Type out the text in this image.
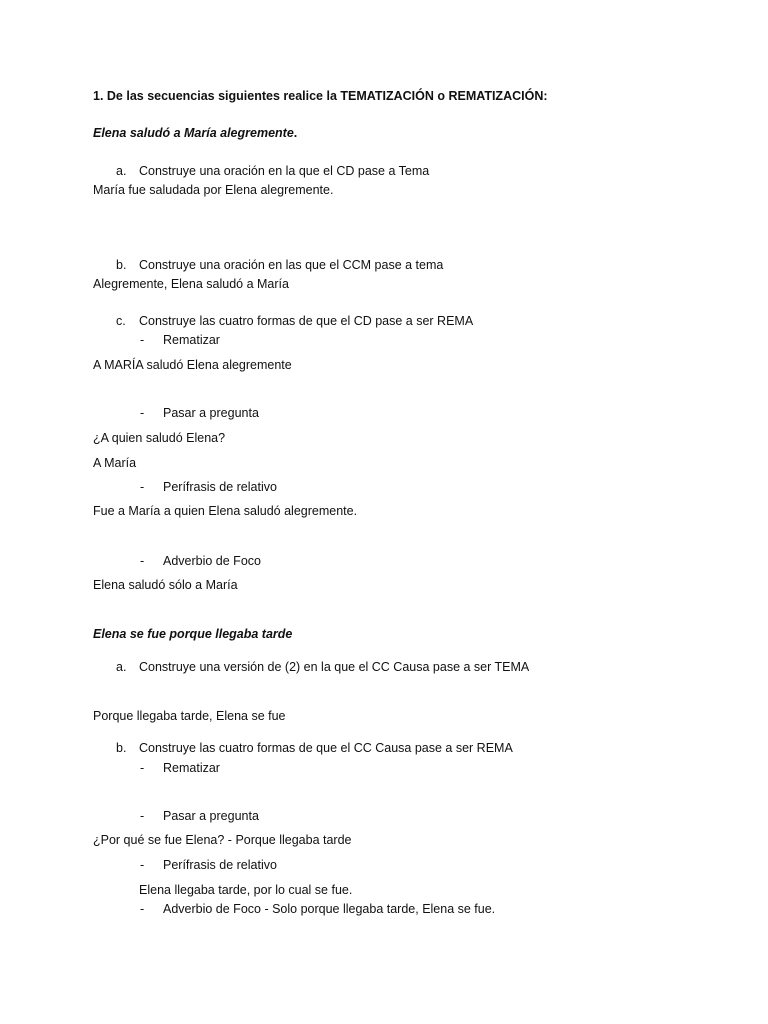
1. De las secuencias siguientes realice la TEMATIZACIÓN o REMATIZACIÓN:
Elena saludó a María alegremente.
a. Construye una oración en la que el CD pase a Tema
María fue saludada por Elena alegremente.
b. Construye una oración en las que el CCM pase a tema
Alegremente, Elena saludó a María
c. Construye las cuatro formas de que el CD pase a ser REMA
- Rematizar
A MARÍA saludó Elena alegremente
- Pasar a pregunta
¿A quien saludó Elena?
A María
- Perífrasis de relativo
Fue a María a quien Elena saludó alegremente.
- Adverbio de Foco
Elena saludó sólo a María
Elena se fue porque llegaba tarde
a. Construye una versión de (2) en la que el CC Causa pase a ser TEMA
Porque llegaba tarde, Elena se fue
b. Construye las cuatro formas de que el CC Causa pase a ser REMA
- Rematizar
- Pasar a pregunta
¿Por qué se fue Elena? - Porque llegaba tarde
- Perífrasis de relativo
Elena llegaba tarde, por lo cual se fue.
- Adverbio de Foco - Solo porque llegaba tarde, Elena se fue.
